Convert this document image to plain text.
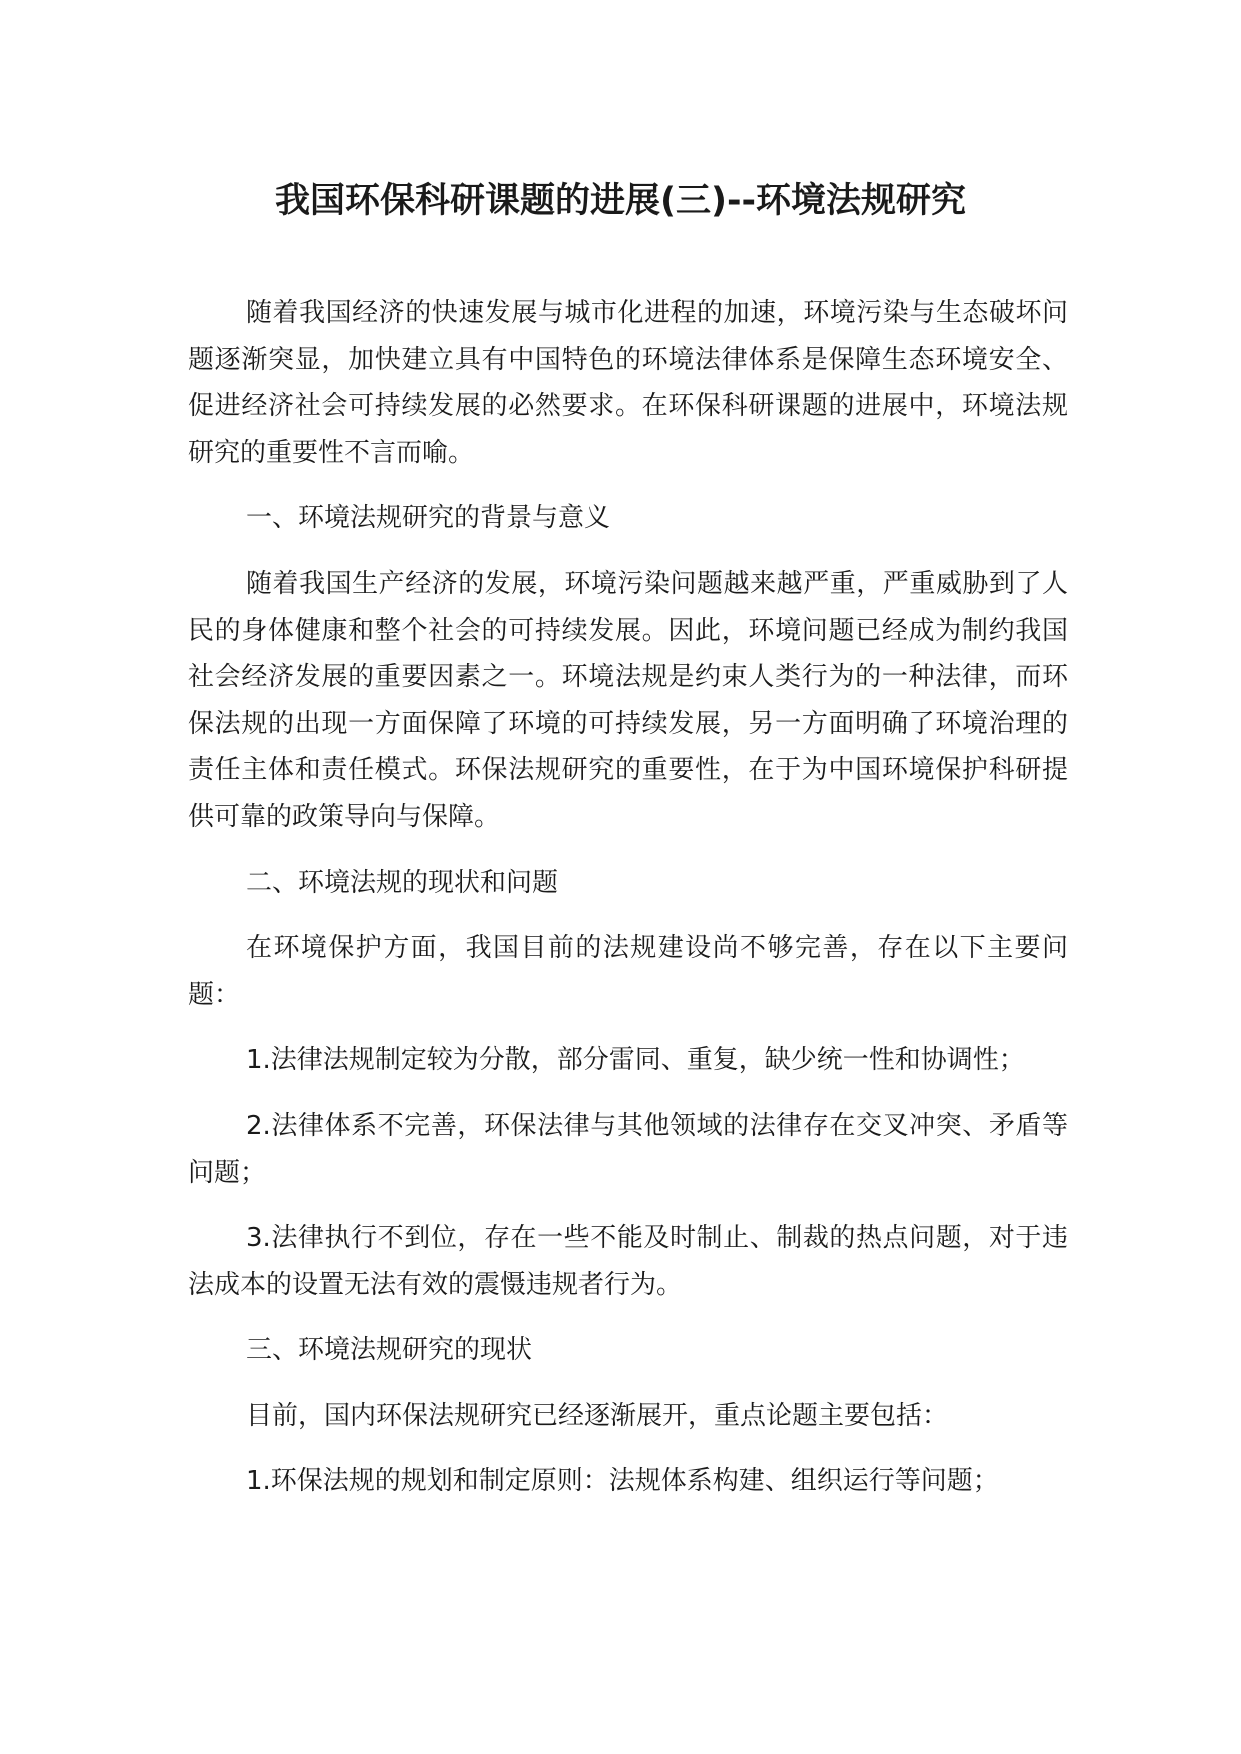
我国环保科研课题的进展(三)--环境法规研究

随着我国经济的快速发展与城市化进程的加速，环境污染与生态破坏问题逐渐突显，加快建立具有中国特色的环境法律体系是保障生态环境安全、促进经济社会可持续发展的必然要求。在环保科研课题的进展中，环境法规研究的重要性不言而喻。

一、环境法规研究的背景与意义

随着我国生产经济的发展，环境污染问题越来越严重，严重威胁到了人民的身体健康和整个社会的可持续发展。因此，环境问题已经成为制约我国社会经济发展的重要因素之一。环境法规是约束人类行为的一种法律，而环保法规的出现一方面保障了环境的可持续发展，另一方面明确了环境治理的责任主体和责任模式。环保法规研究的重要性，在于为中国环境保护科研提供可靠的政策导向与保障。

二、环境法规的现状和问题

在环境保护方面，我国目前的法规建设尚不够完善，存在以下主要问题：

1.法律法规制定较为分散，部分雷同、重复，缺少统一性和协调性；

2.法律体系不完善，环保法律与其他领域的法律存在交叉冲突、矛盾等问题；

3.法律执行不到位，存在一些不能及时制止、制裁的热点问题，对于违法成本的设置无法有效的震慑违规者行为。

三、环境法规研究的现状

目前，国内环保法规研究已经逐渐展开，重点论题主要包括：

1.环保法规的规划和制定原则：法规体系构建、组织运行等问题；
